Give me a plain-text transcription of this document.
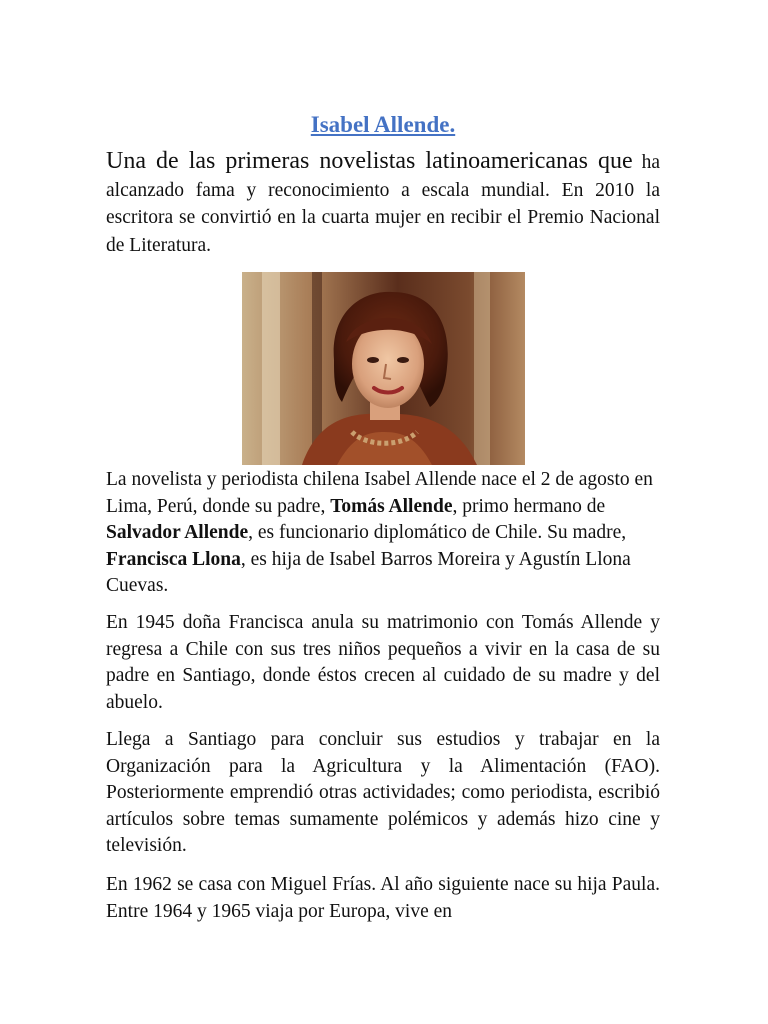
Isabel Allende.

Una de las primeras novelistas latinoamericanas que ha alcanzado fama y reconocimiento a escala mundial. En 2010 la escritora se convirtió en la cuarta mujer en recibir el Premio Nacional de Literatura.

La novelista y periodista chilena Isabel Allende nace el 2 de agosto en Lima, Perú, donde su padre, Tomás Allende, primo hermano de Salvador Allende, es funcionario diplomático de Chile. Su madre, Francisca Llona, es hija de Isabel Barros Moreira y Agustín Llona Cuevas.

En 1945 doña Francisca anula su matrimonio con Tomás Allende y regresa a Chile con sus tres niños pequeños a vivir en la casa de su padre en Santiago, donde éstos crecen al cuidado de su madre y del abuelo.

Llega a Santiago para concluir sus estudios y trabajar en la Organización para la Agricultura y la Alimentación (FAO). Posteriormente emprendió otras actividades; como periodista, escribió artículos sobre temas sumamente polémicos y además hizo cine y televisión.

En 1962 se casa con Miguel Frías. Al año siguiente nace su hija Paula. Entre 1964 y 1965 viaja por Europa, vive en
